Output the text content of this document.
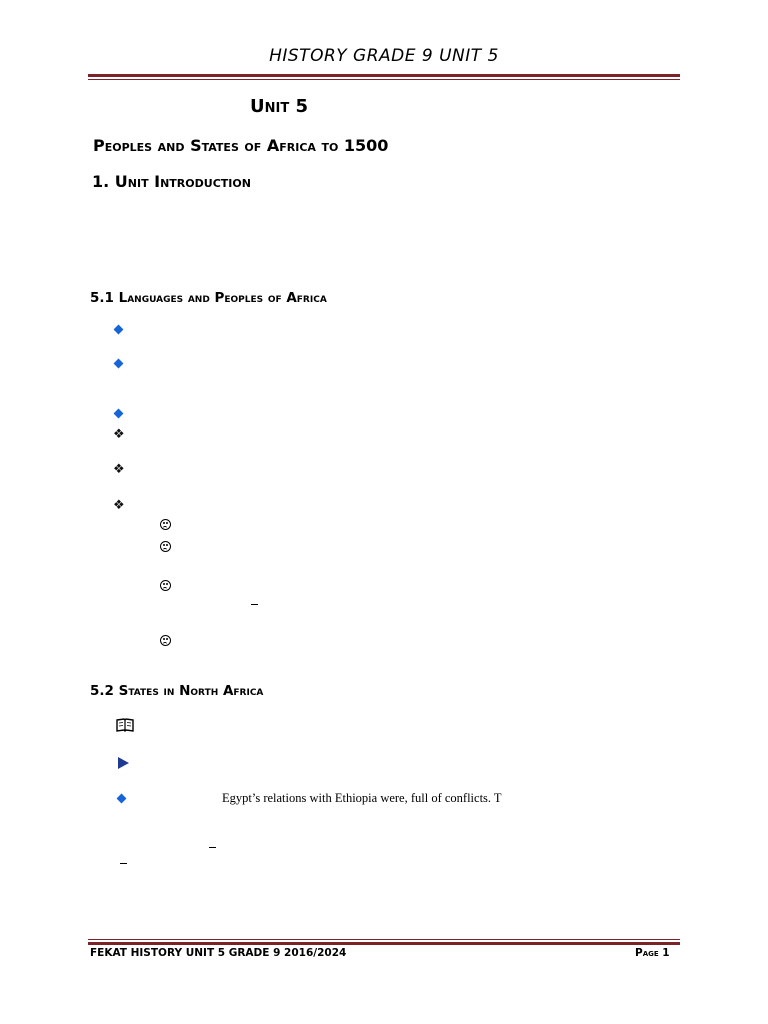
HISTORY GRADE 9 UNIT 5
Unit 5
Peoples and States of Africa to 1500
1. Unit Introduction
5.1 Languages and Peoples of Africa
❖
❖
❖
5.2 States in North Africa
Egypt’s relations with Ethiopia were, full of conflicts. T
FEKAT HISTORY UNIT 5 GRADE 9 2016/2024	Page 1
